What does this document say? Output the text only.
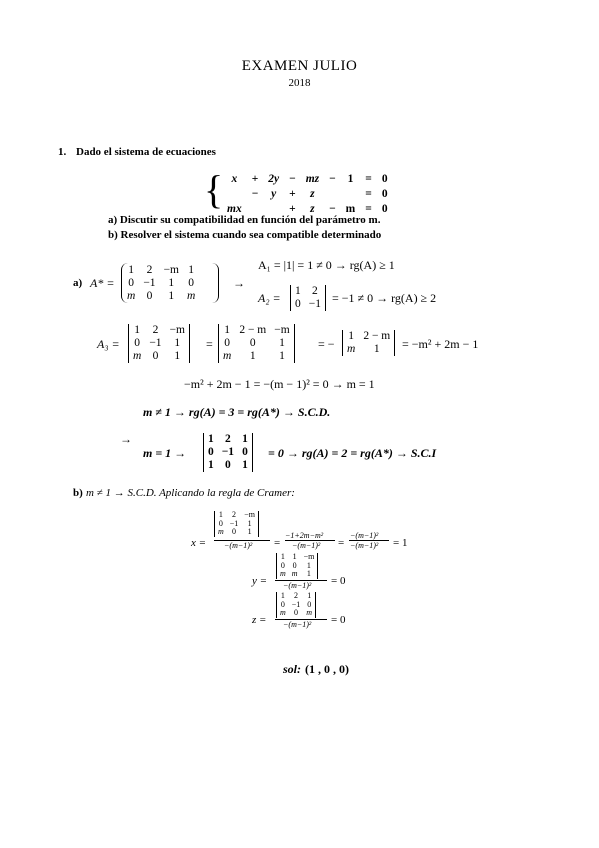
EXAMEN JULIO
2018
1. Dado el sistema de ecuaciones
{ x	+	2y	−	mz	−	1	=	0
	−	y	+	z			=	0
mx			+	z	−	m	=	0
a) Discutir su compatibilidad en función del parámetro m.
b) Resolver el sistema cuando sea compatible determinado
a) A* =
1	2	−m	1
0	−1	1	0
m	0	1	m
→
A₁ = |1| = 1 ≠ 0 → rg(A) ≥ 1
A₂ = 1	2
0	−1 = −1 ≠ 0 → rg(A) ≥ 2
A₃ =
1	2	−m
0	−1	1
m	0	1
=
1	2 − m	−m
0	0	1
m	1	1
= −
1	2 − m
m	1 = −m² + 2m − 1
−m² + 2m − 1 = −(m − 1)² = 0 → m = 1
m ≠ 1 → rg(A) = 3 = rg(A*) → S.C.D.
→
m = 1 →
1	2	1
0	−1	0
1	0	1
= 0 → rg(A) = 2 = rg(A*) → S.C.I
b) m ≠ 1 → S.C.D. Aplicando la regla de Cramer:
x =
1	2	−m
0	−1	1
m	0	1
−(m−1)² =
−1+2m−m²
−(m−1)² =
−(m−1)²
−(m−1)² = 1
y =
1	1	−m
0	0	1
m	m	1
−(m−1)² = 0
z =
1	2	1
0	−1	0
m	0	m
−(m−1)² = 0
sol: (1 , 0 , 0)
